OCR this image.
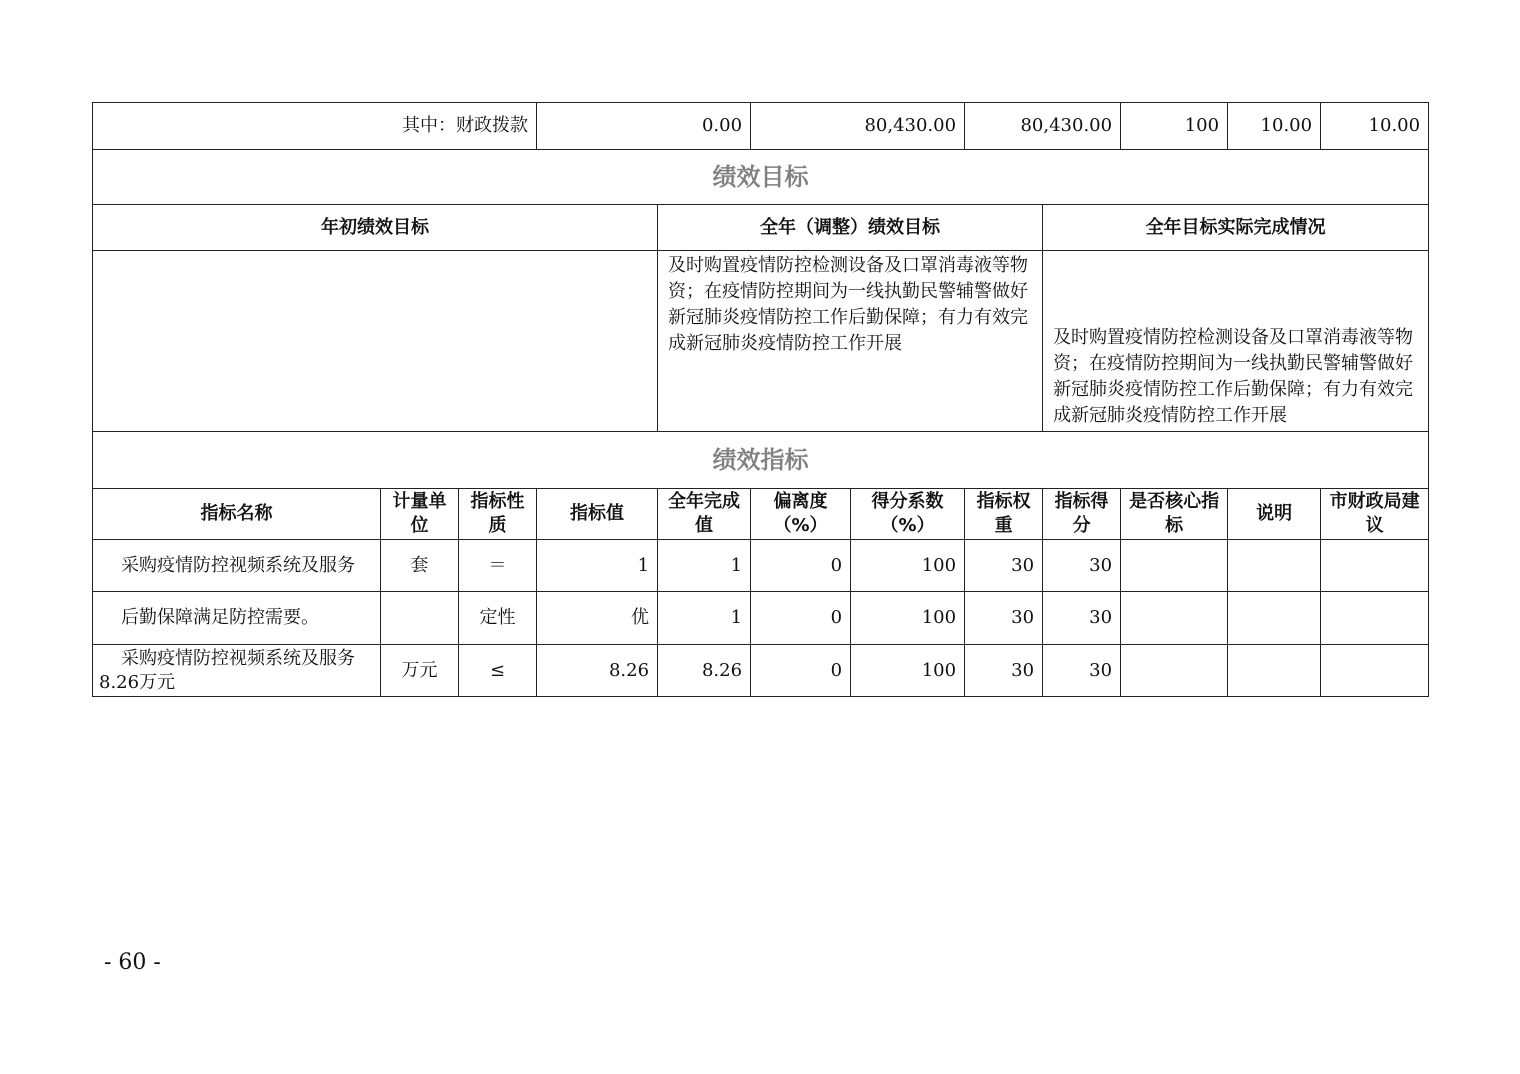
其中：财政拨款			0.00		80,430.00		80,430.00		100	10.00	10.00
绩效目标											
年初绩效目标				全年（调整）绩效目标				全年目标实际完成情况			
				及时购置疫情防控检测设备及口罩消毒液等物资；在疫情防控期间为一线执勤民警辅警做好新冠肺炎疫情防控工作后勤保障；有力有效完成新冠肺炎疫情防控工作开展				及时购置疫情防控检测设备及口罩消毒液等物资；在疫情防控期间为一线执勤民警辅警做好新冠肺炎疫情防控工作后勤保障；有力有效完成新冠肺炎疫情防控工作开展			
绩效指标											
指标名称	计量单位	指标性质	指标值	全年完成值	偏离度（%）	得分系数（%）	指标权重	指标得分	是否核心指标	说明	市财政局建议
采购疫情防控视频系统及服务	套	＝	1	1	0	100	30	30			
后勤保障满足防控需要。		定性	优	1	0	100	30	30			
采购疫情防控视频系统及服务8.26万元	万元	≤	8.26	8.26	0	100	30	30			
- 60 -
